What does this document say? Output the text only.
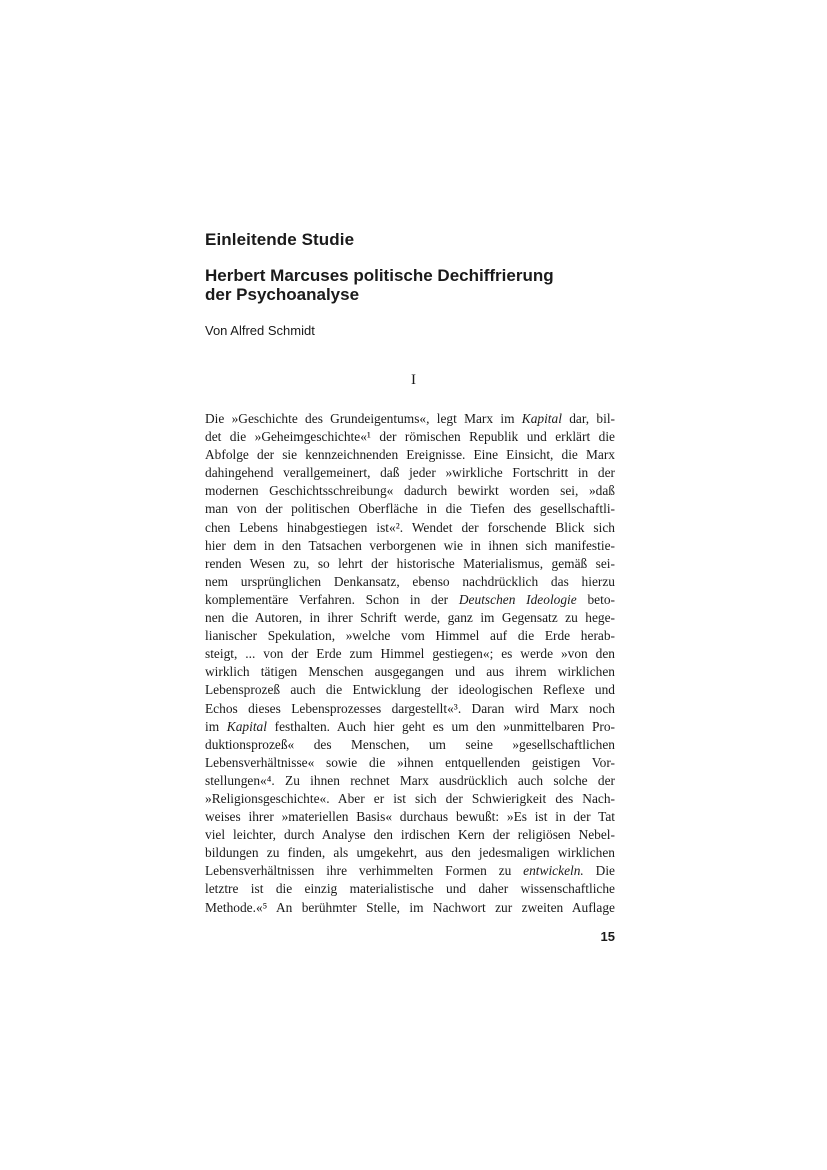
Einleitende Studie
Herbert Marcuses politische Dechiffrierung
der Psychoanalyse
Von Alfred Schmidt
I
Die »Geschichte des Grundeigentums«, legt Marx im Kapital dar, bil-
det die »Geheimgeschichte«¹ der römischen Republik und erklärt die
Abfolge der sie kennzeichnenden Ereignisse. Eine Einsicht, die Marx
dahingehend verallgemeinert, daß jeder »wirkliche Fortschritt in der
modernen Geschichtsschreibung« dadurch bewirkt worden sei, »daß
man von der politischen Oberfläche in die Tiefen des gesellschaftli-
chen Lebens hinabgestiegen ist«². Wendet der forschende Blick sich
hier dem in den Tatsachen verborgenen wie in ihnen sich manifestie-
renden Wesen zu, so lehrt der historische Materialismus, gemäß sei-
nem ursprünglichen Denkansatz, ebenso nachdrücklich das hierzu
komplementäre Verfahren. Schon in der Deutschen Ideologie beto-
nen die Autoren, in ihrer Schrift werde, ganz im Gegensatz zu hege-
lianischer Spekulation, »welche vom Himmel auf die Erde herab-
steigt, ... von der Erde zum Himmel gestiegen«; es werde »von den
wirklich tätigen Menschen ausgegangen und aus ihrem wirklichen
Lebensprozeß auch die Entwicklung der ideologischen Reflexe und
Echos dieses Lebensprozesses dargestellt«³. Daran wird Marx noch
im Kapital festhalten. Auch hier geht es um den »unmittelbaren Pro-
duktionsprozeß« des Menschen, um seine »gesellschaftlichen
Lebensverhältnisse« sowie die »ihnen entquellenden geistigen Vor-
stellungen«⁴. Zu ihnen rechnet Marx ausdrücklich auch solche der
»Religionsgeschichte«. Aber er ist sich der Schwierigkeit des Nach-
weises ihrer »materiellen Basis« durchaus bewußt: »Es ist in der Tat
viel leichter, durch Analyse den irdischen Kern der religiösen Nebel-
bildungen zu finden, als umgekehrt, aus den jedesmaligen wirklichen
Lebensverhältnissen ihre verhimmelten Formen zu entwickeln. Die
letztre ist die einzig materialistische und daher wissenschaftliche
Methode.«⁵ An berühmter Stelle, im Nachwort zur zweiten Auflage
15
